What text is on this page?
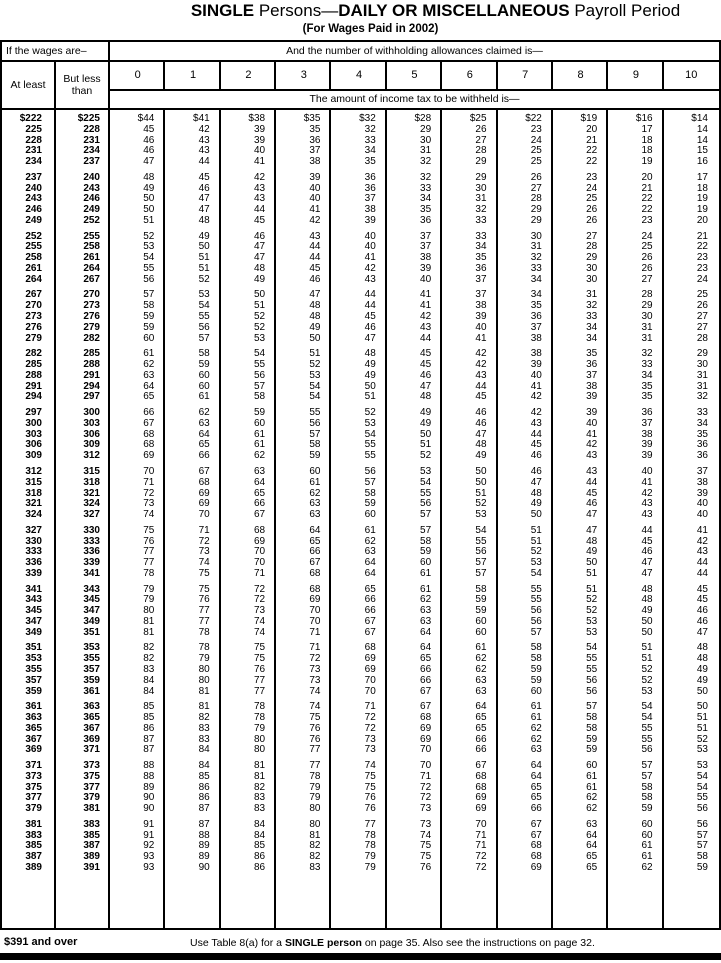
SINGLE Persons—DAILY OR MISCELLANEOUS Payroll Period
(For Wages Paid in 2002)
If the wages are–	And the number of withholding allowances claimed is—
At least	But less
than
0	1	2	3	4	5	6	7	8	9	10
The amount of income tax to be withheld is—
$222	$225	$44	$41	$38	$35	$32	$28	$25	$22	$19	$16	$14
225	228	45	42	39	35	32	29	26	23	20	17	14
228	231	46	43	39	36	33	30	27	24	21	18	14
231	234	46	43	40	37	34	31	28	25	22	18	15
234	237	47	44	41	38	35	32	29	25	22	19	16
237	240	48	45	42	39	36	32	29	26	23	20	17
240	243	49	46	43	40	36	33	30	27	24	21	18
243	246	50	47	43	40	37	34	31	28	25	22	19
246	249	50	47	44	41	38	35	32	29	26	22	19
249	252	51	48	45	42	39	36	33	29	26	23	20
252	255	52	49	46	43	40	37	33	30	27	24	21
255	258	53	50	47	44	40	37	34	31	28	25	22
258	261	54	51	47	44	41	38	35	32	29	26	23
261	264	55	51	48	45	42	39	36	33	30	26	23
264	267	56	52	49	46	43	40	37	34	30	27	24
267	270	57	53	50	47	44	41	37	34	31	28	25
270	273	58	54	51	48	44	41	38	35	32	29	26
273	276	59	55	52	48	45	42	39	36	33	30	27
276	279	59	56	52	49	46	43	40	37	34	31	27
279	282	60	57	53	50	47	44	41	38	34	31	28
282	285	61	58	54	51	48	45	42	38	35	32	29
285	288	62	59	55	52	49	45	42	39	36	33	30
288	291	63	60	56	53	49	46	43	40	37	34	31
291	294	64	60	57	54	50	47	44	41	38	35	31
294	297	65	61	58	54	51	48	45	42	39	35	32
297	300	66	62	59	55	52	49	46	42	39	36	33
300	303	67	63	60	56	53	49	46	43	40	37	34
303	306	68	64	61	57	54	50	47	44	41	38	35
306	309	68	65	61	58	55	51	48	45	42	39	36
309	312	69	66	62	59	55	52	49	46	43	39	36
312	315	70	67	63	60	56	53	50	46	43	40	37
315	318	71	68	64	61	57	54	50	47	44	41	38
318	321	72	69	65	62	58	55	51	48	45	42	39
321	324	73	69	66	63	59	56	52	49	46	43	40
324	327	74	70	67	63	60	57	53	50	47	43	40
327	330	75	71	68	64	61	57	54	51	47	44	41
330	333	76	72	69	65	62	58	55	51	48	45	42
333	336	77	73	70	66	63	59	56	52	49	46	43
336	339	77	74	70	67	64	60	57	53	50	47	44
339	341	78	75	71	68	64	61	57	54	51	47	44
341	343	79	75	72	68	65	61	58	55	51	48	45
343	345	79	76	72	69	66	62	59	55	52	48	45
345	347	80	77	73	70	66	63	59	56	52	49	46
347	349	81	77	74	70	67	63	60	56	53	50	46
349	351	81	78	74	71	67	64	60	57	53	50	47
351	353	82	78	75	71	68	64	61	58	54	51	48
353	355	82	79	75	72	69	65	62	58	55	51	48
355	357	83	80	76	73	69	66	62	59	55	52	49
357	359	84	80	77	73	70	66	63	59	56	52	49
359	361	84	81	77	74	70	67	63	60	56	53	50
361	363	85	81	78	74	71	67	64	61	57	54	50
363	365	85	82	78	75	72	68	65	61	58	54	51
365	367	86	83	79	76	72	69	65	62	58	55	51
367	369	87	83	80	76	73	69	66	62	59	55	52
369	371	87	84	80	77	73	70	66	63	59	56	53
371	373	88	84	81	77	74	70	67	64	60	57	53
373	375	88	85	81	78	75	71	68	64	61	57	54
375	377	89	86	82	79	75	72	68	65	61	58	54
377	379	90	86	83	79	76	72	69	65	62	58	55
379	381	90	87	83	80	76	73	69	66	62	59	56
381	383	91	87	84	80	77	73	70	67	63	60	56
383	385	91	88	84	81	78	74	71	67	64	60	57
385	387	92	89	85	82	78	75	71	68	64	61	57
387	389	93	89	86	82	79	75	72	68	65	61	58
389	391	93	90	86	83	79	76	72	69	65	62	59
$391 and over	Use Table 8(a) for a SINGLE person on page 35. Also see the instructions on page 32.
